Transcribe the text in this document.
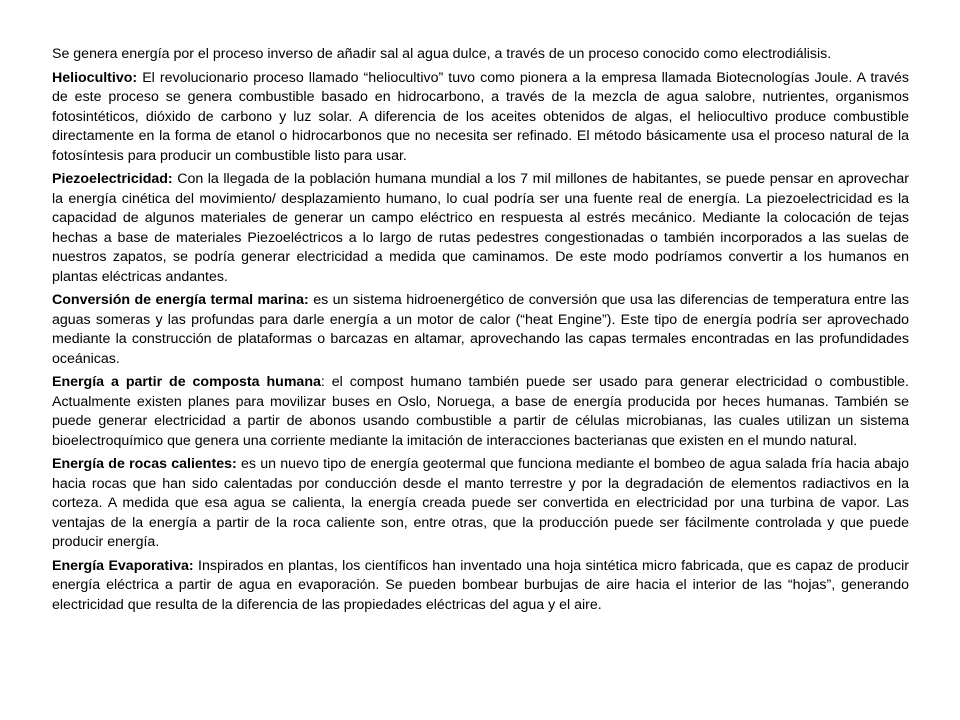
Se genera energía por el proceso inverso de añadir sal al agua dulce, a través de un proceso conocido como electrodiálisis.

Heliocultivo: El revolucionario proceso llamado “heliocultivo” tuvo como pionera a la empresa llamada Biotecnologías Joule. A través de este proceso se genera combustible basado en hidrocarbono, a través de la mezcla de agua salobre, nutrientes, organismos fotosintéticos, dióxido de carbono y luz solar. A diferencia de los aceites obtenidos de algas, el heliocultivo produce combustible directamente en la forma de etanol o hidrocarbonos que no necesita ser refinado. El método básicamente usa el proceso natural de la fotosíntesis para producir un combustible listo para usar.

Piezoelectricidad: Con la llegada de la población humana mundial a los 7 mil millones de habitantes, se puede pensar en aprovechar la energía cinética del movimiento/ desplazamiento humano, lo cual podría ser una fuente real de energía. La piezoelectricidad es la capacidad de algunos materiales de generar un campo eléctrico en respuesta al estrés mecánico. Mediante la colocación de tejas hechas a base de materiales Piezoeléctricos a lo largo de rutas pedestres congestionadas o también incorporados a las suelas de nuestros zapatos, se podría generar electricidad a medida que caminamos. De este modo podríamos convertir a los humanos en plantas eléctricas andantes.

Conversión de energía termal marina: es un sistema hidroenergético de conversión que usa las diferencias de temperatura entre las aguas someras y las profundas para darle energía a un motor de calor (“heat Engine”). Este tipo de energía podría ser aprovechado mediante la construcción de plataformas o barcazas en altamar, aprovechando las capas termales encontradas en las profundidades oceánicas.

Energía a partir de composta humana: el compost humano también puede ser usado para generar electricidad o combustible. Actualmente existen planes para movilizar buses en Oslo, Noruega, a base de energía producida por heces humanas. También se puede generar electricidad a partir de abonos usando combustible a partir de células microbianas, las cuales utilizan un sistema bioelectroquímico que genera una corriente mediante la imitación de interacciones bacterianas que existen en el mundo natural.

Energía de rocas calientes: es un nuevo tipo de energía geotermal que funciona mediante el bombeo de agua salada fría hacia abajo hacia rocas que han sido calentadas por conducción desde el manto terrestre y por la degradación de elementos radiactivos en la corteza. A medida que esa agua se calienta, la energía creada puede ser convertida en electricidad por una turbina de vapor. Las ventajas de la energía a partir de la roca caliente son, entre otras, que la producción puede ser fácilmente controlada y que puede producir energía.

Energía Evaporativa: Inspirados en plantas, los científicos han inventado una hoja sintética micro fabricada, que es capaz de producir energía eléctrica a partir de agua en evaporación. Se pueden bombear burbujas de aire hacia el interior de las “hojas”, generando electricidad que resulta de la diferencia de las propiedades eléctricas del agua y el aire.
